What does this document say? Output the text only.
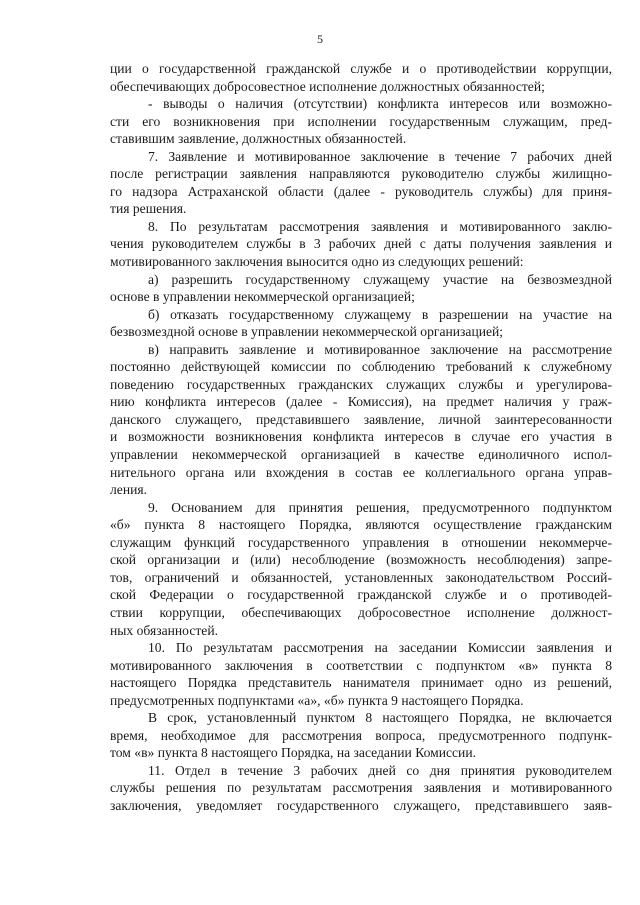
5
ции о государственной гражданской службе и о противодействии коррупции,
обеспечивающих добросовестное исполнение должностных обязанностей;
- выводы о наличия (отсутствии) конфликта интересов или возможно-
сти его возникновения при исполнении государственным служащим, пред-
ставившим заявление, должностных обязанностей.
7. Заявление и мотивированное заключение в течение 7 рабочих дней
после регистрации заявления направляются руководителю службы жилищно-
го надзора Астраханской области (далее - руководитель службы) для приня-
тия решения.
8. По результатам рассмотрения заявления и мотивированного заклю-
чения руководителем службы в 3 рабочих дней с даты получения заявления и
мотивированного заключения выносится одно из следующих решений:
а) разрешить государственному служащему участие на безвозмездной
основе в управлении некоммерческой организацией;
б) отказать государственному служащему в разрешении на участие на
безвозмездной основе в управлении некоммерческой организацией;
в) направить заявление и мотивированное заключение на рассмотрение
постоянно действующей комиссии по соблюдению требований к служебному
поведению государственных гражданских служащих службы и урегулирова-
нию конфликта интересов (далее - Комиссия), на предмет наличия у граж-
данского служащего, представившего заявление, личной заинтересованности
и возможности возникновения конфликта интересов в случае его участия в
управлении некоммерческой организацией в качестве единоличного испол-
нительного органа или вхождения в состав ее коллегиального органа управ-
ления.
9. Основанием для принятия решения, предусмотренного подпунктом
«б» пункта 8 настоящего Порядка, являются осуществление гражданским
служащим функций государственного управления в отношении некоммерче-
ской организации и (или) несоблюдение (возможность несоблюдения) запре-
тов, ограничений и обязанностей, установленных законодательством Россий-
ской Федерации о государственной гражданской службе и о противодей-
ствии коррупции, обеспечивающих добросовестное исполнение должност-
ных обязанностей.
10. По результатам рассмотрения на заседании Комиссии заявления и
мотивированного заключения в соответствии с подпунктом «в» пункта 8
настоящего Порядка представитель нанимателя принимает одно из решений,
предусмотренных подпунктами «а», «б» пункта 9 настоящего Порядка.
В срок, установленный пунктом 8 настоящего Порядка, не включается
время, необходимое для рассмотрения вопроса, предусмотренного подпунк-
том «в» пункта 8 настоящего Порядка, на заседании Комиссии.
11. Отдел в течение 3 рабочих дней со дня принятия руководителем
службы решения по результатам рассмотрения заявления и мотивированного
заключения, уведомляет государственного служащего, представившего заяв-
